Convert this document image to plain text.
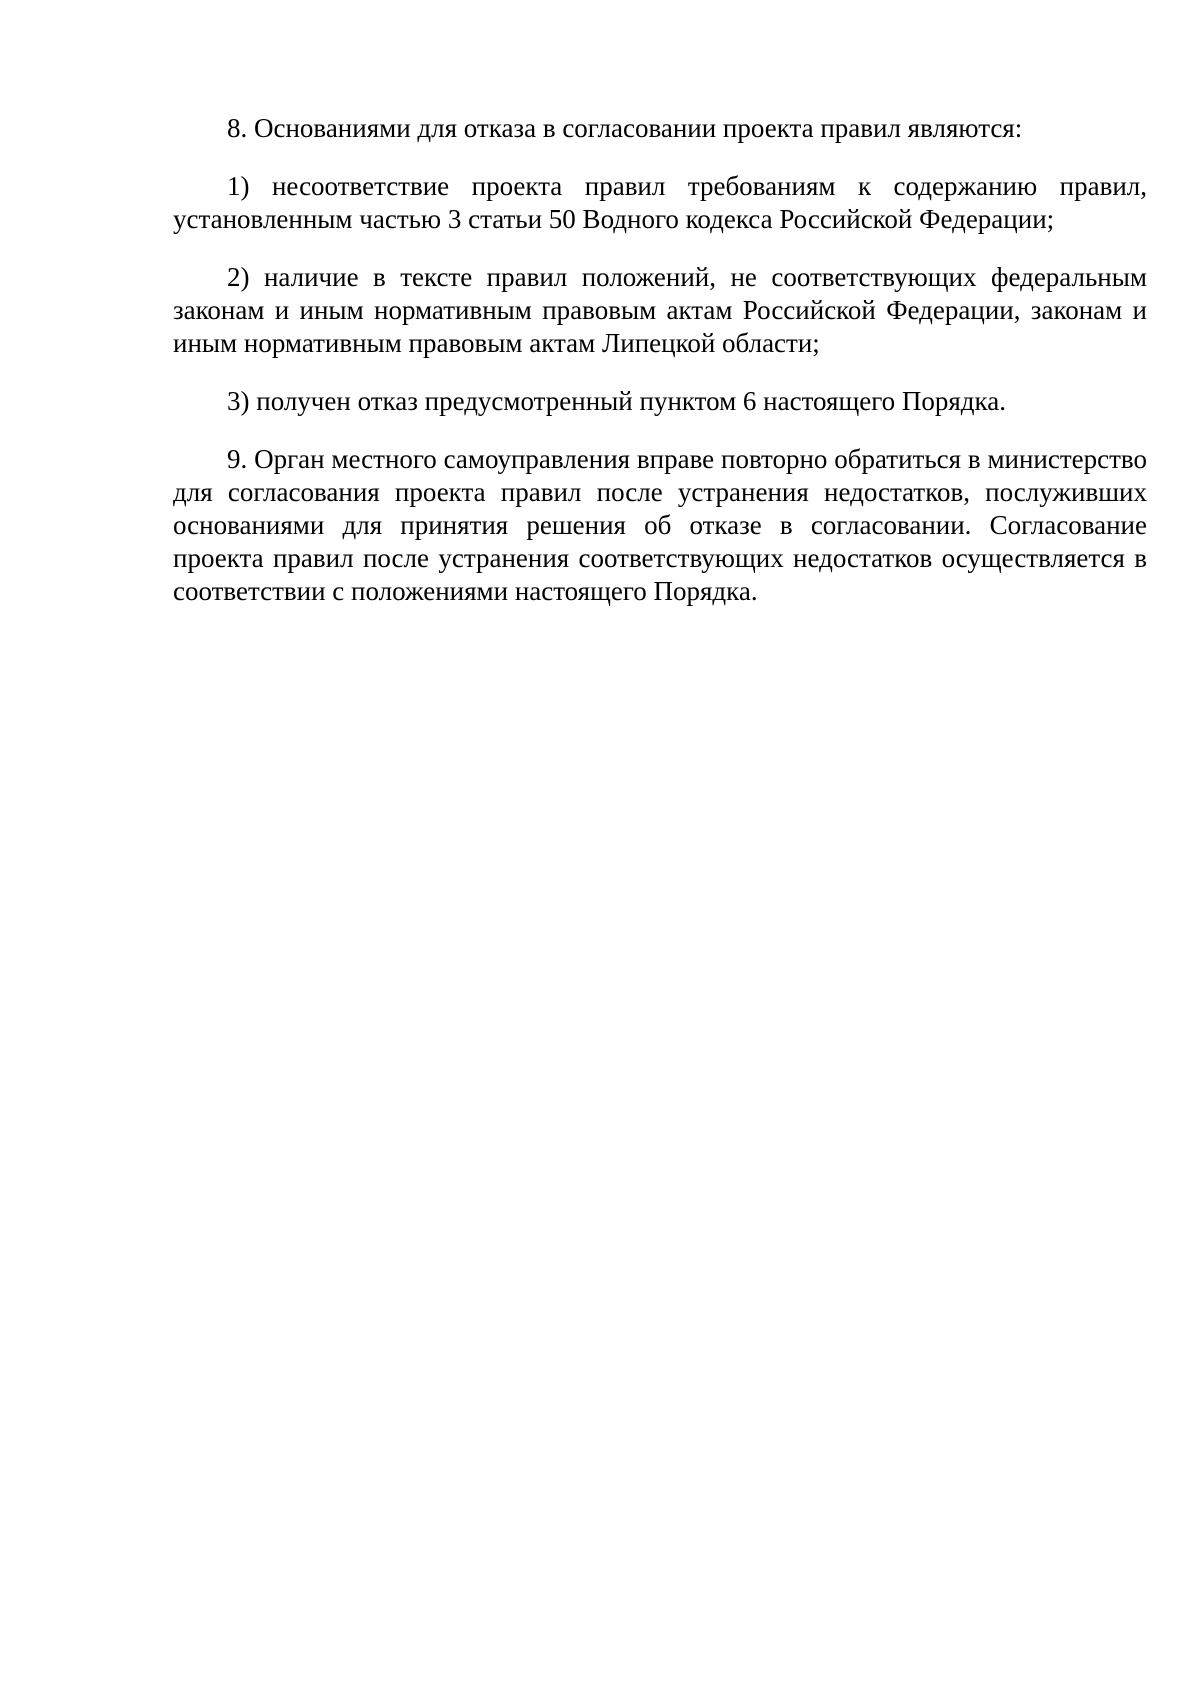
8. Основаниями для отказа в согласовании проекта правил являются:

1) несоответствие проекта правил требованиям к содержанию правил, установленным частью 3 статьи 50 Водного кодекса Российской Федерации;

2) наличие в тексте правил положений, не соответствующих федеральным законам и иным нормативным правовым актам Российской Федерации, законам и иным нормативным правовым актам Липецкой области;

3) получен отказ предусмотренный пунктом 6 настоящего Порядка.

9. Орган местного самоуправления вправе повторно обратиться в министерство для согласования проекта правил после устранения недостатков, послуживших основаниями для принятия решения об отказе в согласовании. Согласование проекта правил после устранения соответствующих недостатков осуществляется в соответствии с положениями настоящего Порядка.
